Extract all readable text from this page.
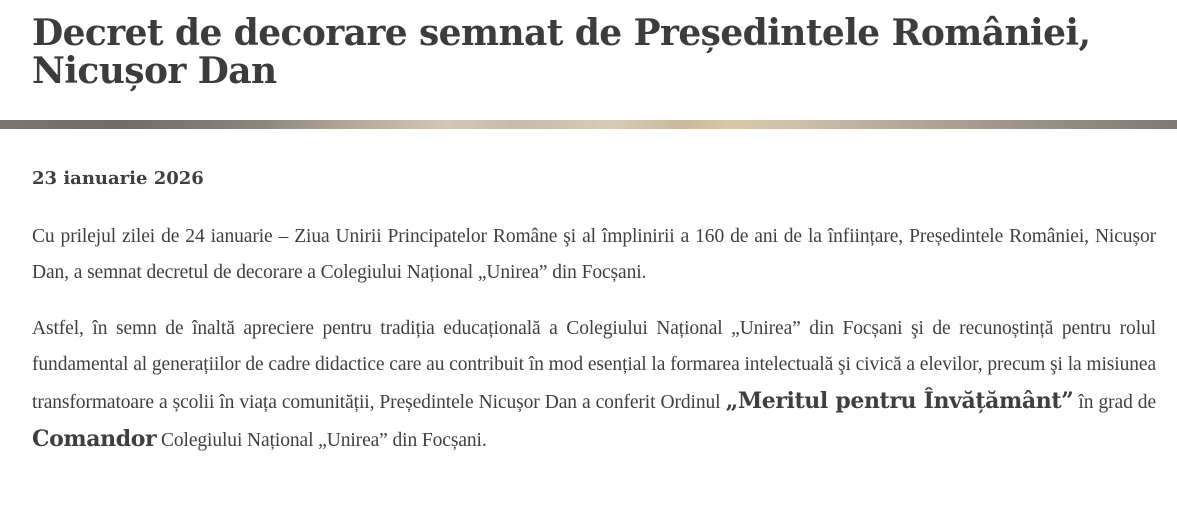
Decret de decorare semnat de Președintele României, Nicușor Dan

23 ianuarie 2026

Cu prilejul zilei de 24 ianuarie – Ziua Unirii Principatelor Române şi al împlinirii a 160 de ani de la înființare, Președintele României, Nicușor Dan, a semnat decretul de decorare a Colegiului Național „Unirea” din Focșani.

Astfel, în semn de înaltă apreciere pentru tradiția educațională a Colegiului Național „Unirea” din Focșani şi de recunoștință pentru rolul fundamental al generațiilor de cadre didactice care au contribuit în mod esențial la formarea intelectuală şi civică a elevilor, precum şi la misiunea transformatoare a școlii în viața comunității, Președintele Nicușor Dan a conferit Ordinul „Meritul pentru Învățământ” în grad de Comandor Colegiului Național „Unirea” din Focșani.
